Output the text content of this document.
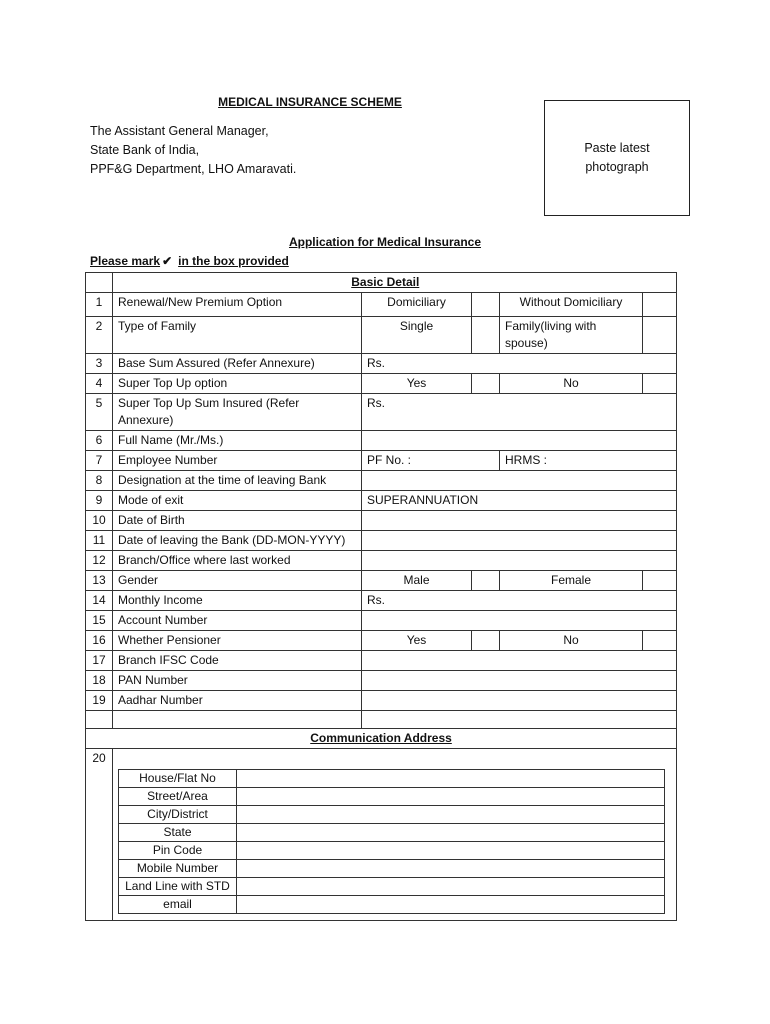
MEDICAL INSURANCE SCHEME
The Assistant General Manager,
State Bank of India,
PPF&G Department, LHO Amaravati.
Paste latest
photograph
Application for Medical Insurance
Please mark ✔ in the box provided
		Basic Detail
1	Renewal/New Premium Option	Domiciliary		Without Domiciliary	
2	Type of Family	Single		Family(living with spouse)	
3	Base Sum Assured (Refer Annexure)	Rs.
4	Super Top Up option	Yes		No	
5	Super Top Up Sum Insured (Refer Annexure)	Rs.
6	Full Name (Mr./Ms.)	
7	Employee Number	PF No. :	HRMS :
8	Designation at the time of leaving Bank	
9	Mode of exit	SUPERANNUATION
10	Date of Birth	
11	Date of leaving the Bank (DD-MON-YYYY)	
12	Branch/Office where last worked	
13	Gender	Male		Female	
14	Monthly Income	Rs.
15	Account Number	
16	Whether Pensioner	Yes		No	
17	Branch IFSC Code	
18	PAN Number	
19	Aadhar Number	

Communication Address
20	
House/Flat No	
Street/Area	
City/District	
State	
Pin Code	
Mobile Number	
Land Line with STD	
email	
